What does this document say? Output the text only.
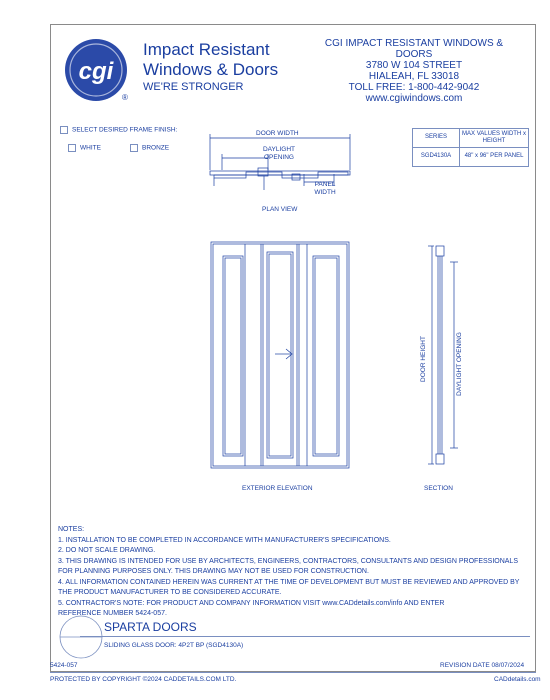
cgi
®
Impact Resistant
Windows & Doors
WE'RE STRONGER
CGI IMPACT RESISTANT WINDOWS & DOORS
3780 W 104 STREET
HIALEAH, FL 33018
TOLL FREE: 1-800-442-9042
www.cgiwindows.com
SELECT DESIRED FRAME FINISH:
WHITE	BRONZE
SERIES	MAX VALUES WIDTH x HEIGHT
SGD4130A	48" x 96" PER PANEL
DOOR WIDTH
DAYLIGHT OPENING
PANEL WIDTH
PLAN VIEW
EXTERIOR ELEVATION
DOOR HEIGHT	DAYLIGHT OPENING
SECTION
NOTES:
1. INSTALLATION TO BE COMPLETED IN ACCORDANCE WITH MANUFACTURER'S SPECIFICATIONS.
2. DO NOT SCALE DRAWING.
3. THIS DRAWING IS INTENDED FOR USE BY ARCHITECTS, ENGINEERS, CONTRACTORS, CONSULTANTS AND DESIGN PROFESSIONALS
FOR PLANNING PURPOSES ONLY. THIS DRAWING MAY NOT BE USED FOR CONSTRUCTION.
4. ALL INFORMATION CONTAINED HEREIN WAS CURRENT AT THE TIME OF DEVELOPMENT BUT MUST BE REVIEWED AND APPROVED BY
THE PRODUCT MANUFACTURER TO BE CONSIDERED ACCURATE.
5. CONTRACTOR'S NOTE: FOR PRODUCT AND COMPANY INFORMATION VISIT www.CADdetails.com/info AND ENTER
REFERENCE NUMBER 5424-057.
SPARTA DOORS
SLIDING GLASS DOOR: 4P2T BP (SGD4130A)
5424-057	REVISION DATE 08/07/2024
PROTECTED BY COPYRIGHT ©2024 CADDETAILS.COM LTD.	CADdetails.com
